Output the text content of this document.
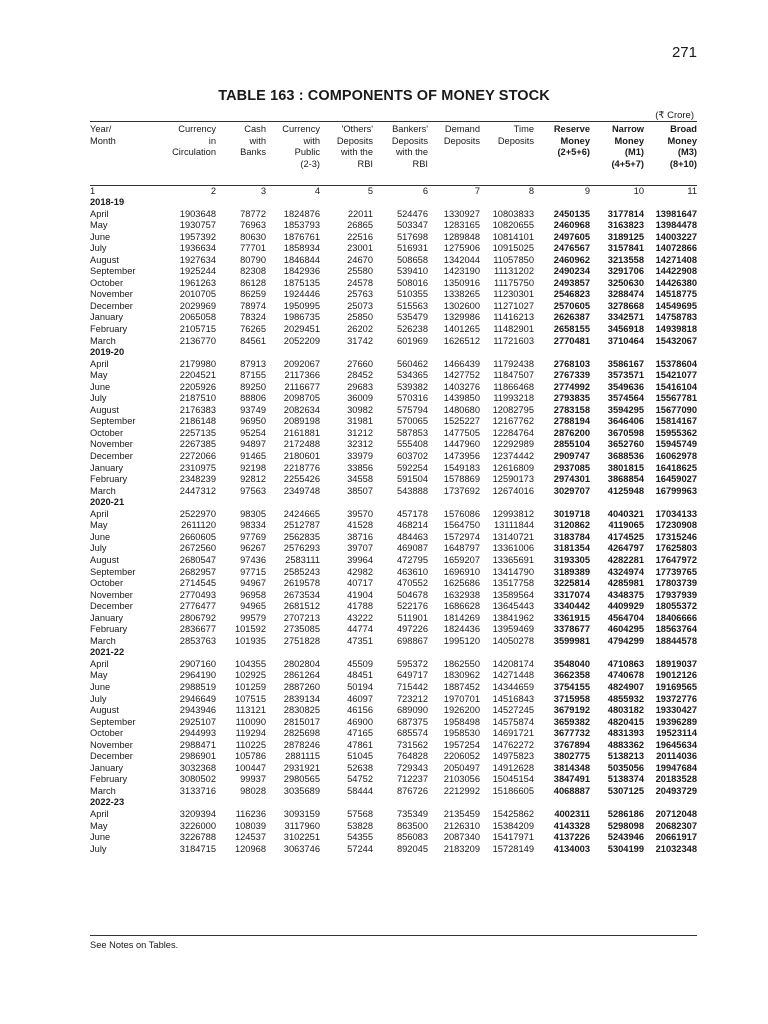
271
TABLE 163 : COMPONENTS OF MONEY STOCK
(₹ Crore)
Year/
Month
Currency
in
Circulation
Cash
with
Banks
Currency
with
Public
(2-3)
'Others'
Deposits
with the
RBI
Bankers'
Deposits
with the
RBI
Demand
Deposits
Time
Deposits
Reserve
Money
(2+5+6)
Narrow
Money
(M1)
(4+5+7)
Broad
Money
(M3)
(8+10)
1	2	3	4	5	6	7	8	9	10	11
2018-19										
April	1903648	78772	1824876	22011	524476	1330927	10803833	2450135	3177814	13981647
May	1930757	76963	1853793	26865	503347	1283165	10820655	2460968	3163823	13984478
June	1957392	80630	1876761	22516	517698	1289848	10814101	2497605	3189125	14003227
July	1936634	77701	1858934	23001	516931	1275906	10915025	2476567	3157841	14072866
August	1927634	80790	1846844	24670	508658	1342044	11057850	2460962	3213558	14271408
September	1925244	82308	1842936	25580	539410	1423190	11131202	2490234	3291706	14422908
October	1961263	86128	1875135	24578	508016	1350916	11175750	2493857	3250630	14426380
November	2010705	86259	1924446	25763	510355	1338265	11230301	2546823	3288474	14518775
December	2029969	78974	1950995	25073	515563	1302600	11271027	2570605	3278668	14549695
January	2065058	78324	1986735	25850	535479	1329986	11416213	2626387	3342571	14758783
February	2105715	76265	2029451	26202	526238	1401265	11482901	2658155	3456918	14939818
March	2136770	84561	2052209	31742	601969	1626512	11721603	2770481	3710464	15432067
2019-20										
April	2179980	87913	2092067	27660	560462	1466439	11792438	2768103	3586167	15378604
May	2204521	87155	2117366	28452	534365	1427752	11847507	2767339	3573571	15421077
June	2205926	89250	2116677	29683	539382	1403276	11866468	2774992	3549636	15416104
July	2187510	88806	2098705	36009	570316	1439850	11993218	2793835	3574564	15567781
August	2176383	93749	2082634	30982	575794	1480680	12082795	2783158	3594295	15677090
September	2186148	96950	2089198	31981	570065	1525227	12167762	2788194	3646406	15814167
October	2257135	95254	2161881	31212	587853	1477505	12284764	2876200	3670598	15955362
November	2267385	94897	2172488	32312	555408	1447960	12292989	2855104	3652760	15945749
December	2272066	91465	2180601	33979	603702	1473956	12374442	2909747	3688536	16062978
January	2310975	92198	2218776	33856	592254	1549183	12616809	2937085	3801815	16418625
February	2348239	92812	2255426	34558	591504	1578869	12590173	2974301	3868854	16459027
March	2447312	97563	2349748	38507	543888	1737692	12674016	3029707	4125948	16799963
2020-21										
April	2522970	98305	2424665	39570	457178	1576086	12993812	3019718	4040321	17034133
May	2611120	98334	2512787	41528	468214	1564750	13111844	3120862	4119065	17230908
June	2660605	97769	2562835	38716	484463	1572974	13140721	3183784	4174525	17315246
July	2672560	96267	2576293	39707	469087	1648797	13361006	3181354	4264797	17625803
August	2680547	97436	2583111	39964	472795	1659207	13365691	3193305	4282281	17647972
September	2682957	97715	2585243	42982	463610	1696910	13414790	3189389	4324974	17739765
October	2714545	94967	2619578	40717	470552	1625686	13517758	3225814	4285981	17803739
November	2770493	96958	2673534	41904	504678	1632938	13589564	3317074	4348375	17937939
December	2776477	94965	2681512	41788	522176	1686628	13645443	3340442	4409929	18055372
January	2806792	99579	2707213	43222	511901	1814269	13841962	3361915	4564704	18406666
February	2836677	101592	2735085	44774	497226	1824436	13959469	3378677	4604295	18563764
March	2853763	101935	2751828	47351	698867	1995120	14050278	3599981	4794299	18844578
2021-22										
April	2907160	104355	2802804	45509	595372	1862550	14208174	3548040	4710863	18919037
May	2964190	102925	2861264	48451	649717	1830962	14271448	3662358	4740678	19012126
June	2988519	101259	2887260	50194	715442	1887452	14344659	3754155	4824907	19169565
July	2946649	107515	2839134	46097	723212	1970701	14516843	3715958	4855932	19372776
August	2943946	113121	2830825	46156	689090	1926200	14527245	3679192	4803182	19330427
September	2925107	110090	2815017	46900	687375	1958498	14575874	3659382	4820415	19396289
October	2944993	119294	2825698	47165	685574	1958530	14691721	3677732	4831393	19523114
November	2988471	110225	2878246	47861	731562	1957254	14762272	3767894	4883362	19645634
December	2986901	105786	2881115	51045	764828	2206052	14975823	3802775	5138213	20114036
January	3032368	100447	2931921	52638	729343	2050497	14912628	3814348	5035056	19947684
February	3080502	99937	2980565	54752	712237	2103056	15045154	3847491	5138374	20183528
March	3133716	98028	3035689	58444	876726	2212992	15186605	4068887	5307125	20493729
2022-23										
April	3209394	116236	3093159	57568	735349	2135459	15425862	4002311	5286186	20712048
May	3226000	108039	3117960	53828	863500	2126310	15384209	4143328	5298098	20682307
June	3226788	124537	3102251	54355	856083	2087340	15417971	4137226	5243946	20661917
July	3184715	120968	3063746	57244	892045	2183209	15728149	4134003	5304199	21032348
See Notes on Tables.
